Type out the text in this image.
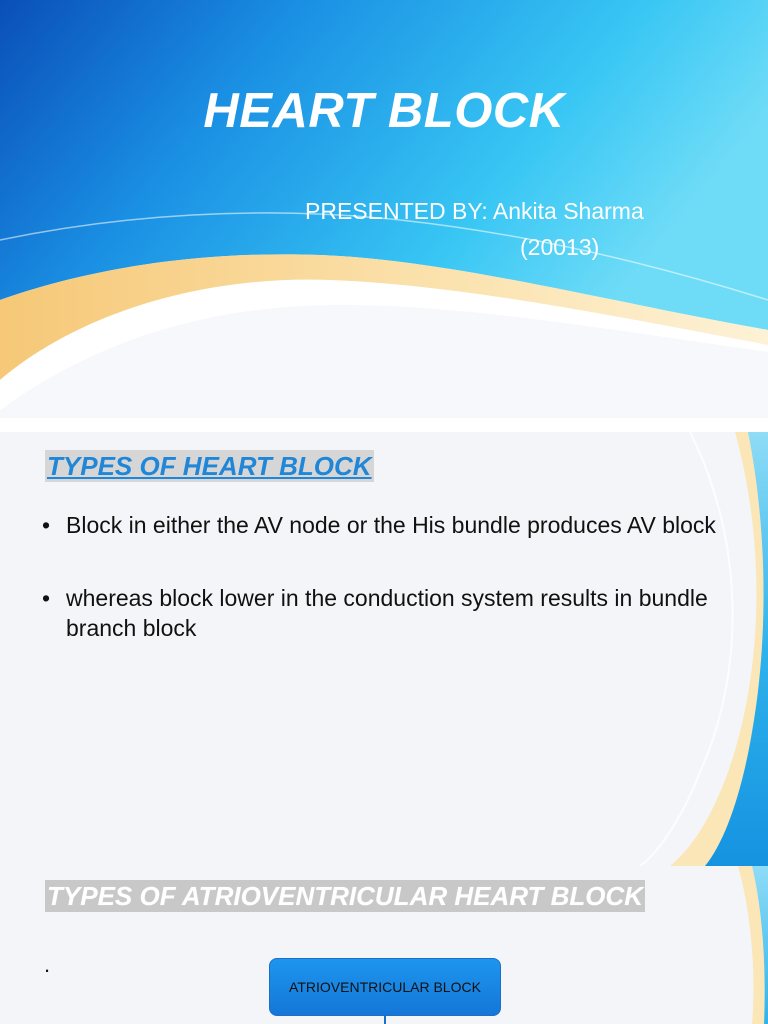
HEART BLOCK

PRESENTED BY: Ankita Sharma

(20013)

TYPES OF HEART BLOCK
• Block in either the AV node or the His bundle produces AV block
• whereas block lower in the conduction system results in bundle branch block
TYPES OF ATRIOVENTRICULAR HEART BLOCK
.
ATRIOVENTRICULAR BLOCK
